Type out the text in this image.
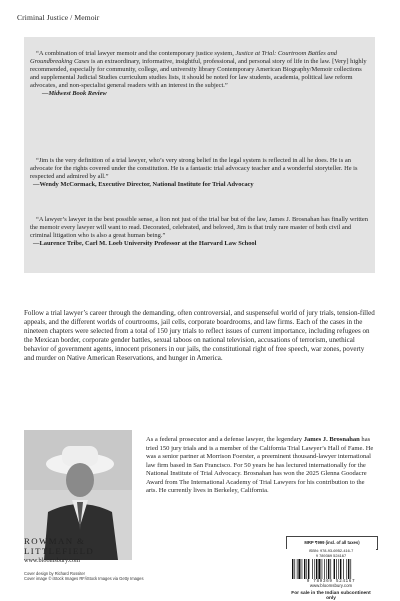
Criminal Justice / Memoir

“A combination of trial lawyer memoir and the contemporary justice system, Justice at Trial: Courtroom Battles and Groundbreaking Cases is an extraordinary, informative, insightful, professional, and personal story of life in the law. [Very] highly recommended, especially for community, college, and university library Contemporary American Biography/Memoir collections and supplemental Judicial Studies curriculum studies lists, it should be noted for law students, academia, political law reform advocates, and non-specialist general readers with an interest in the subject.”

—Midwest Book Review

“Jim is the very definition of a trial lawyer, who’s very strong belief in the legal system is reflected in all he does. He is an advocate for the rights covered under the constitution. He is a fantastic trial advocacy teacher and a wonderful storyteller. He is respected and admired by all.”

—Wendy McCormack, Executive Director, National Institute for Trial Advocacy

“A lawyer’s lawyer in the best possible sense, a lion not just of the trial bar but of the law, James J. Brosnahan has finally written the memoir every lawyer will want to read. Decorated, celebrated, and beloved, Jim is that truly rare master of both civil and criminal litigation who is also a great human being.”

—Laurence Tribe, Carl M. Loeb University Professor at the Harvard Law School

Follow a trial lawyer’s career through the demanding, often controversial, and suspenseful world of jury trials, tension-filled appeals, and the different worlds of courtrooms, jail cells, corporate boardrooms, and law firms. Each of the cases in the nineteen chapters were selected from a total of 150 jury trials to reflect issues of current importance, including refugees on the Mexican border, corporate gender battles, sexual taboos on national television, accusations of terrorism, unethical behavior of government agents, innocent prisoners in our jails, the constitutional right of free speech, war zones, poverty and murder on Native American Reservations, and hunger in America.

As a federal prosecutor and a defense lawyer, the legendary James J. Brosnahan has tried 150 jury trials and is a member of the California Trial Lawyer’s Hall of Fame. He was a senior partner at Morrison Foerster, a preeminent thousand-lawyer international law firm based in San Francisco. For 50 years he has lectured internationally for the National Institute of Trial Advocacy. Brosnahan has won the 2025 Glenna Goodacre Award from The International Academy of Trial Lawyers for his contribution to the arts. He currently lives in Berkeley, California.

ROWMAN &
LITTLEFIELD
www.bloomsbury.com
Cover design by Richard Rossiter
Cover image © iStock Images RF/iStock Images via Getty Images
MRP ₹999 (incl. of all taxes)
ISBN: 978-93-6952-416-7
9 789369 524167
9 789369 524167
www.bloomsbury.com
For sale in the Indian subcontinent only
